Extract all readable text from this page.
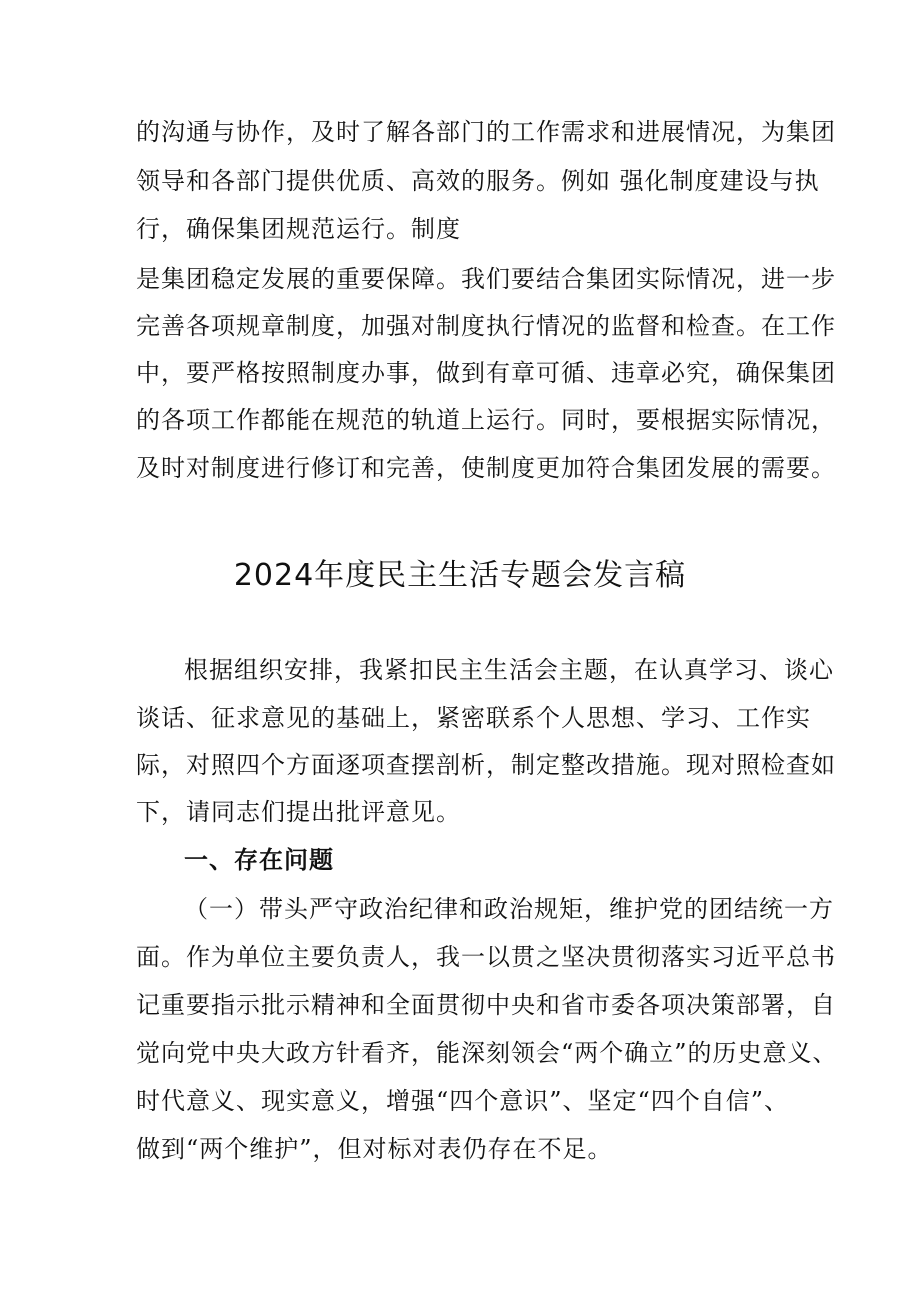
的沟通与协作，及时了解各部门的工作需求和进展情况，为集团
领导和各部门提供优质、高效的服务。例如 强化制度建设与执
行，确保集团规范运行。制度
是集团稳定发展的重要保障。我们要结合集团实际情况，进一步
完善各项规章制度，加强对制度执行情况的监督和检查。在工作
中，要严格按照制度办事，做到有章可循、违章必究，确保集团
的各项工作都能在规范的轨道上运行。同时，要根据实际情况，
及时对制度进行修订和完善，使制度更加符合集团发展的需要。
2024年度民主生活专题会发言稿
根据组织安排，我紧扣民主生活会主题，在认真学习、谈心
谈话、征求意见的基础上，紧密联系个人思想、学习、工作实
际，对照四个方面逐项查摆剖析，制定整改措施。现对照检查如
下，请同志们提出批评意见。
一、存在问题
（一）带头严守政治纪律和政治规矩，维护党的团结统一方
面。作为单位主要负责人，我一以贯之坚决贯彻落实习近平总书
记重要指示批示精神和全面贯彻中央和省市委各项决策部署，自
觉向党中央大政方针看齐，能深刻领会“两个确立”的历史意义、
时代意义、现实意义，增强“四个意识”、坚定“四个自信”、
做到“两个维护”，但对标对表仍存在不足。
